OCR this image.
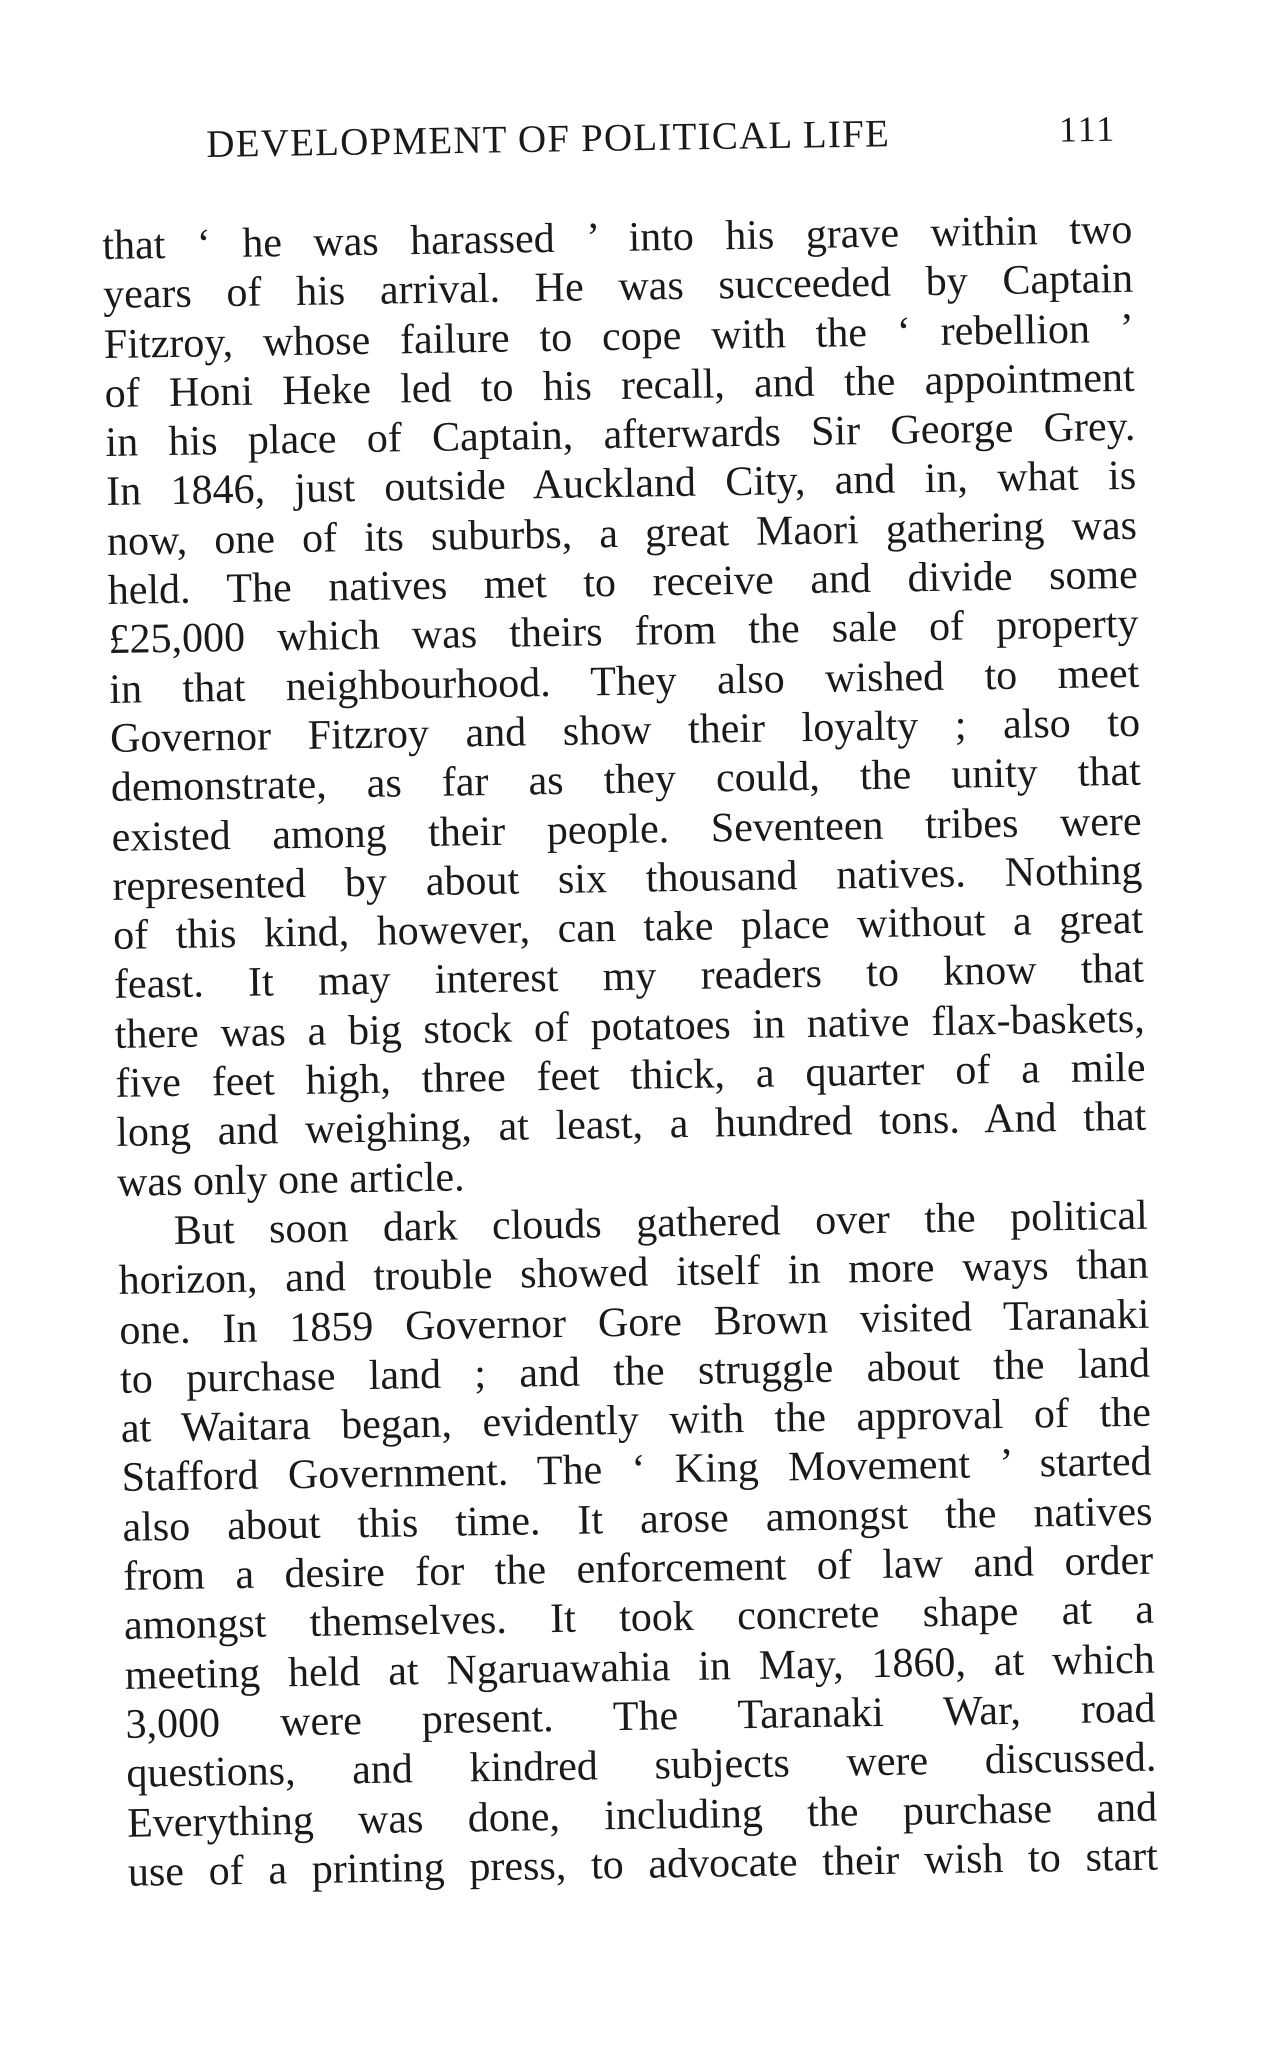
DEVELOPMENT OF POLITICAL LIFE	111
that ‘ he was harassed ’ into his grave within two
years of his arrival. He was succeeded by Captain
Fitzroy, whose failure to cope with the ‘ rebellion ’
of Honi Heke led to his recall, and the appointment
in his place of Captain, afterwards Sir George Grey.
In 1846, just outside Auckland City, and in, what is
now, one of its suburbs, a great Maori gathering was
held. The natives met to receive and divide some
£25,000 which was theirs from the sale of property
in that neighbourhood. They also wished to meet
Governor Fitzroy and show their loyalty ; also to
demonstrate, as far as they could, the unity that
existed among their people. Seventeen tribes were
represented by about six thousand natives. Nothing
of this kind, however, can take place without a great
feast. It may interest my readers to know that
there was a big stock of potatoes in native flax-baskets,
five feet high, three feet thick, a quarter of a mile
long and weighing, at least, a hundred tons. And that
was only one article.
But soon dark clouds gathered over the political
horizon, and trouble showed itself in more ways than
one. In 1859 Governor Gore Brown visited Taranaki
to purchase land ; and the struggle about the land
at Waitara began, evidently with the approval of the
Stafford Government. The ‘ King Movement ’ started
also about this time. It arose amongst the natives
from a desire for the enforcement of law and order
amongst themselves. It took concrete shape at a
meeting held at Ngaruawahia in May, 1860, at which
3,000 were present. The Taranaki War, road
questions, and kindred subjects were discussed.
Everything was done, including the purchase and
use of a printing press, to advocate their wish to start
